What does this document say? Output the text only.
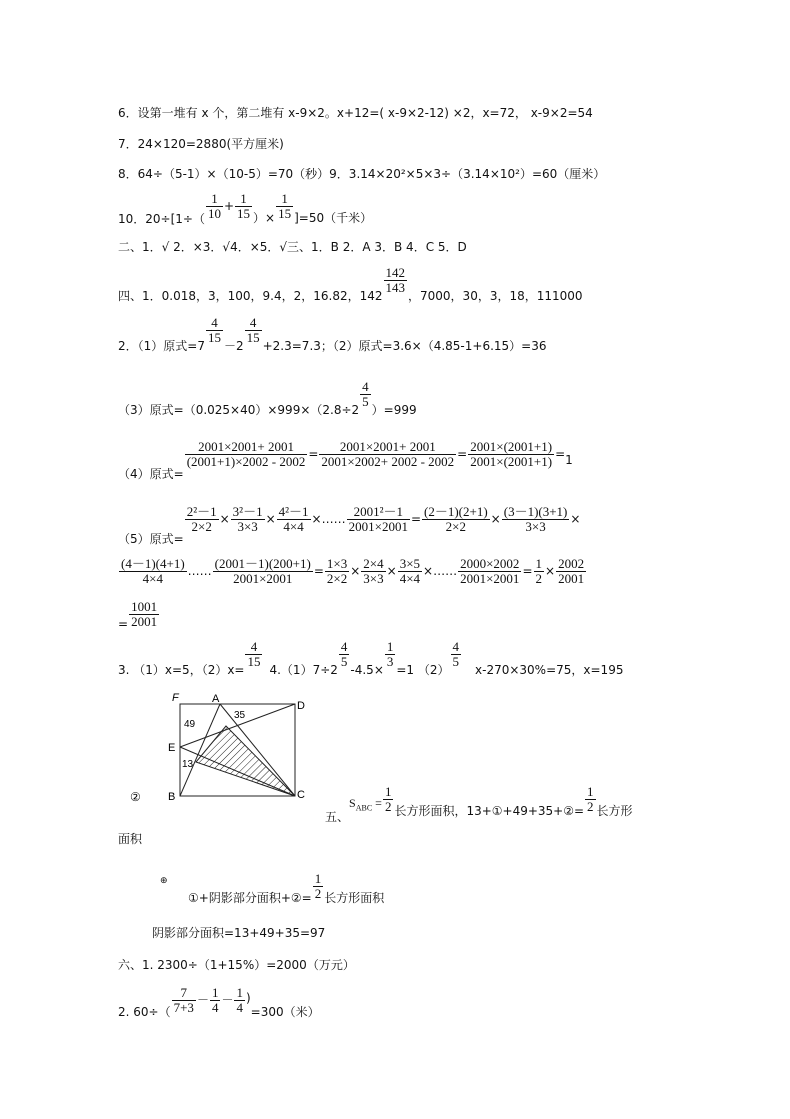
6．设第一堆有 x 个，第二堆有 x-9×2。x+12=( x-9×2-12) ×2，x=72， x-9×2=54
7．24×120=2880(平方厘米)
8．64÷（5-1）×（10-5）=70（秒）9．3.14×20²×5×3÷（3.14×10²）=60（厘米）
10．$20\div[1\div( \frac{1}{10} + \frac{1}{15}$ ）× $\frac{1}{15} ]=50$（千米）
二、1．√ 2．×3．√4．×5．√三、1．B 2．A 3．B 4．C 5．D
四、1．0.018，3，100，9.4，2，16.82，142
$\frac{142}{143}$
，7000，30，3，18，111000
2．（1）原式=7
$\frac{4}{15}$
－2
$\frac{4}{15}$
+2.3=7.3；（2）原式=3.6×（4.85-1+6.15）=36
（3）原式=（0.025×40）×999×（2.8÷2
$\frac{4}{5}$
）=999
（4）原式=
$\frac{2001\times 2001+ 2001}{(2001+1)\times 2002 - 2002} = \frac{2001\times 2001+ 2001}{2001\times 2002+ 2002 - 2002} = \frac{2001\times(2001+1)}{2001\times(2001+1)} =1$
（5）原式=
$\frac{\text{2²－1}}{2\times 2} \times \frac{\text{3²－1}}{3\times 3} \times \frac{\text{4²－1}}{4\times 4}$ ×…… $\frac{\text{2001²－1}}{2001\times 2001} = \frac{(2-1)(2+1)}{2\times 2} \times \frac{(3-1)(3+1)}{3\times 3}$ ×
$\frac{(4-1)(4+1)}{4\times 4}$ …… $\frac{(2001-1)(200+1)}{2001\times 2001} = \frac{1\times 3}{2\times 2} \times \frac{2\times 4}{3\times 3} \times \frac{3\times 5}{4\times 4}$ ×…… $\frac{2000\times 2002}{2001\times 2001} = \frac{1}{2} \times \frac{2002}{2001}$
= $\frac{1001}{2001}$
3. （1）x=5，（2）x=
$\frac{4}{15}$
4.（1）7÷2
$\frac{4}{5}$
-4.5×
$\frac{1}{3}$
=1 （2）
$\frac{4}{5}$
x-270×30%=75，x=195
F	A
D
E
B	C
49
35
13
②
五、$S_{ABC} = \frac{1}{2}$ 长方形面积，13+①+49+35+②= $\frac{1}{2}$ 长方形
面积
⊕
①+阴影部分面积+②= $\frac{1}{2}$ 长方形面积
阴影部分面积=13+49+35=97
六、1. 2300÷（1+15%）=2000（万元）
2. $60\div( \frac{7}{7+3} - \frac{1}{4} - \frac{1}{4} )=300$（米）
